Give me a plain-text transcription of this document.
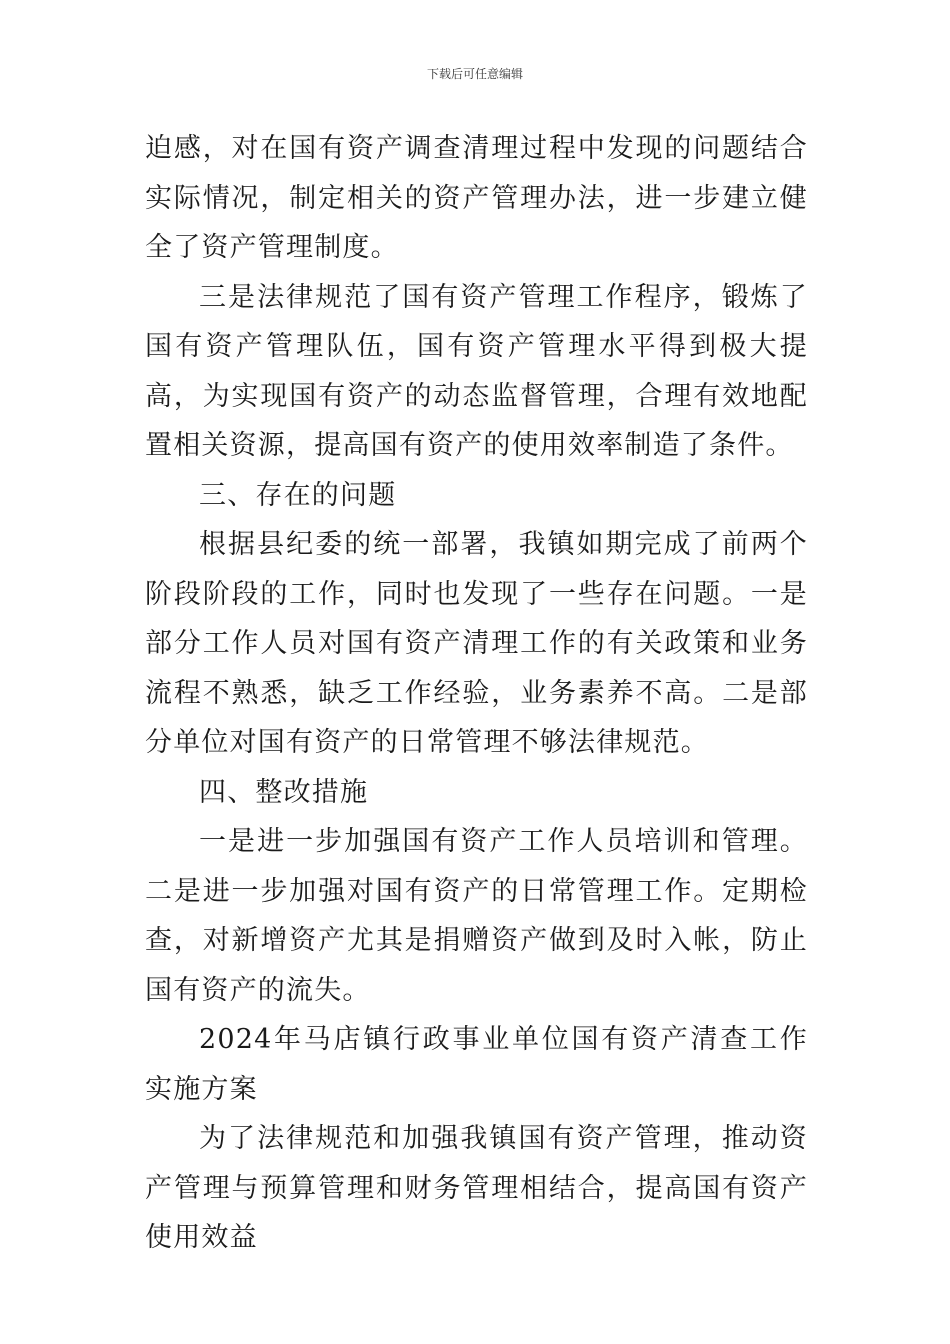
下载后可任意编辑

迫感，对在国有资产调查清理过程中发现的问题结合实际情况，制定相关的资产管理办法，进一步建立健全了资产管理制度。

三是法律规范了国有资产管理工作程序，锻炼了国有资产管理队伍，国有资产管理水平得到极大提高，为实现国有资产的动态监督管理，合理有效地配置相关资源，提高国有资产的使用效率制造了条件。

三、存在的问题

根据县纪委的统一部署，我镇如期完成了前两个阶段阶段的工作，同时也发现了一些存在问题。一是部分工作人员对国有资产清理工作的有关政策和业务流程不熟悉，缺乏工作经验，业务素养不高。二是部分单位对国有资产的日常管理不够法律规范。

四、整改措施

一是进一步加强国有资产工作人员培训和管理。二是进一步加强对国有资产的日常管理工作。定期检查，对新增资产尤其是捐赠资产做到及时入帐，防止国有资产的流失。

2024年马店镇行政事业单位国有资产清查工作实施方案

为了法律规范和加强我镇国有资产管理，推动资产管理与预算管理和财务管理相结合，提高国有资产使用效益
